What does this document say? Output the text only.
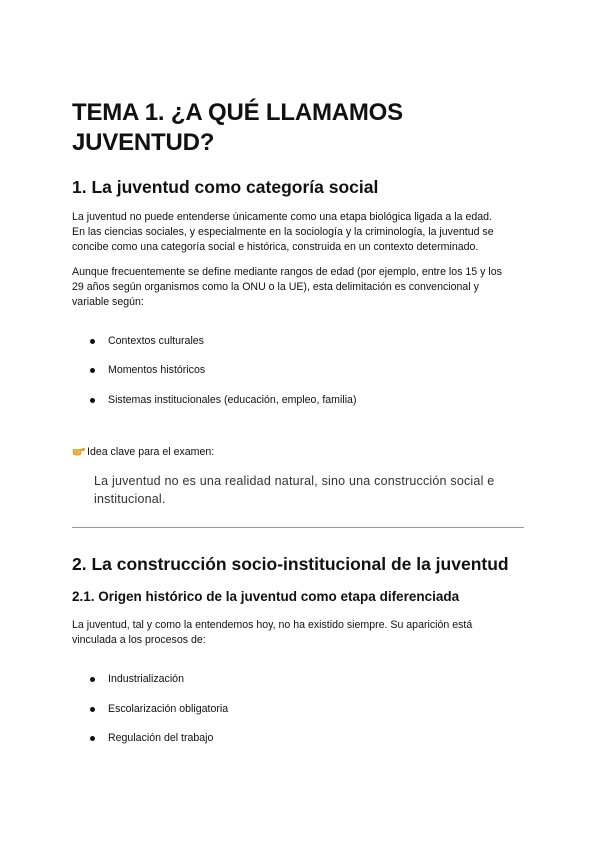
TEMA 1. ¿A QUÉ LLAMAMOS
JUVENTUD?
1. La juventud como categoría social

La juventud no puede entenderse únicamente como una etapa biológica ligada a la edad.
En las ciencias sociales, y especialmente en la sociología y la criminología, la juventud se
concibe como una categoría social e histórica, construida en un contexto determinado.

Aunque frecuentemente se define mediante rangos de edad (por ejemplo, entre los 15 y los
29 años según organismos como la ONU o la UE), esta delimitación es convencional y
variable según:

Contextos culturales
Momentos históricos
Sistemas institucionales (educación, empleo, familia)
Idea clave para el examen:
La juventud no es una realidad natural, sino una construcción social e
institucional.
2. La construcción socio-institucional de la juventud
2.1. Origen histórico de la juventud como etapa diferenciada

La juventud, tal y como la entendemos hoy, no ha existido siempre. Su aparición está
vinculada a los procesos de:

Industrialización
Escolarización obligatoria
Regulación del trabajo
